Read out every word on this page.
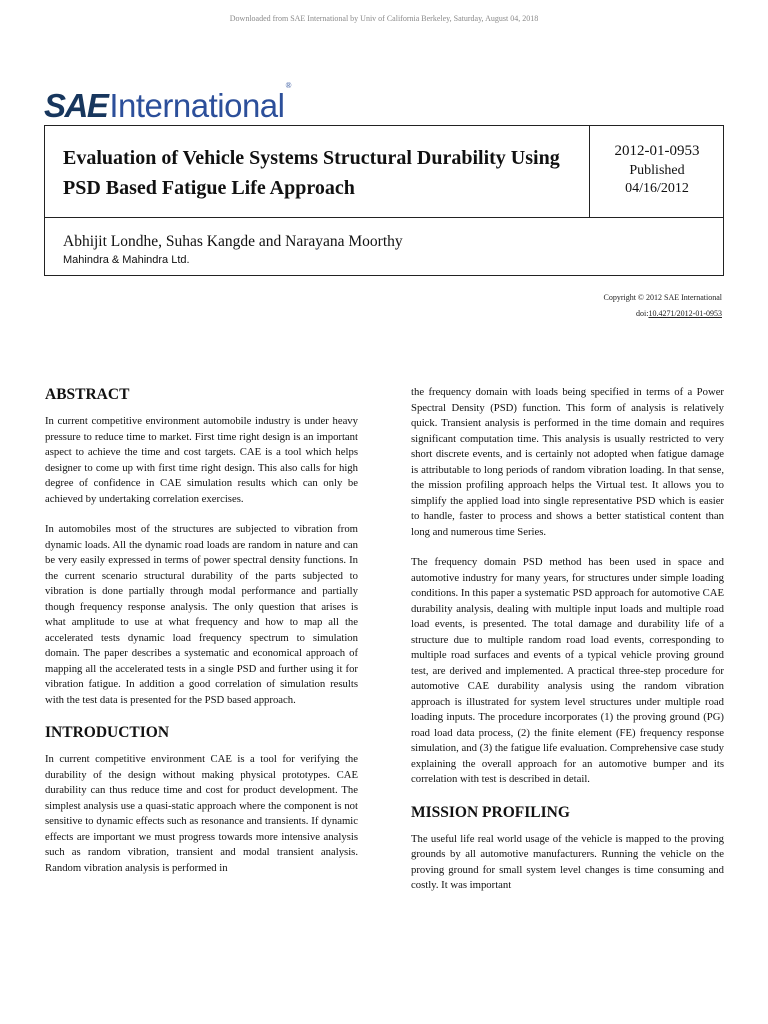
Downloaded from SAE International by Univ of California Berkeley, Saturday, August 04, 2018
SAE International
®
Evaluation of Vehicle Systems Structural Durability Using PSD Based Fatigue Life Approach
2012-01-0953
Published
04/16/2012
Abhijit Londhe, Suhas Kangde and Narayana Moorthy
Mahindra & Mahindra Ltd.
Copyright © 2012 SAE International
doi:10.4271/2012-01-0953
ABSTRACT

In current competitive environment automobile industry is under heavy pressure to reduce time to market. First time right design is an important aspect to achieve the time and cost targets. CAE is a tool which helps designer to come up with first time right design. This also calls for high degree of confidence in CAE simulation results which can only be achieved by undertaking correlation exercises.

In automobiles most of the structures are subjected to vibration from dynamic loads. All the dynamic road loads are random in nature and can be very easily expressed in terms of power spectral density functions. In the current scenario structural durability of the parts subjected to vibration is done partially through modal performance and partially though frequency response analysis. The only question that arises is what amplitude to use at what frequency and how to map all the accelerated tests dynamic load frequency spectrum to simulation domain. The paper describes a systematic and economical approach of mapping all the accelerated tests in a single PSD and further using it for vibration fatigue. In addition a good correlation of simulation results with the test data is presented for the PSD based approach.

INTRODUCTION

In current competitive environment CAE is a tool for verifying the durability of the design without making physical prototypes. CAE durability can thus reduce time and cost for product development. The simplest analysis use a quasi-static approach where the component is not sensitive to dynamic effects such as resonance and transients. If dynamic effects are important we must progress towards more intensive analysis such as random vibration, transient and modal transient analysis. Random vibration analysis is performed in

the frequency domain with loads being specified in terms of a Power Spectral Density (PSD) function. This form of analysis is relatively quick. Transient analysis is performed in the time domain and requires significant computation time. This analysis is usually restricted to very short discrete events, and is certainly not adopted when fatigue damage is attributable to long periods of random vibration loading. In that sense, the mission profiling approach helps the Virtual test. It allows you to simplify the applied load into single representative PSD which is easier to handle, faster to process and shows a better statistical content than long and numerous time Series.

The frequency domain PSD method has been used in space and automotive industry for many years, for structures under simple loading conditions. In this paper a systematic PSD approach for automotive CAE durability analysis, dealing with multiple input loads and multiple road load events, is presented. The total damage and durability life of a structure due to multiple random road load events, corresponding to multiple road surfaces and events of a typical vehicle proving ground test, are derived and implemented. A practical three-step procedure for automotive CAE durability analysis using the random vibration approach is illustrated for system level structures under multiple road loading inputs. The procedure incorporates (1) the proving ground (PG) road load data process, (2) the finite element (FE) frequency response simulation, and (3) the fatigue life evaluation. Comprehensive case study explaining the overall approach for an automotive bumper and its correlation with test is described in detail.

MISSION PROFILING

The useful life real world usage of the vehicle is mapped to the proving grounds by all automotive manufacturers. Running the vehicle on the proving ground for small system level changes is time consuming and costly. It was important
